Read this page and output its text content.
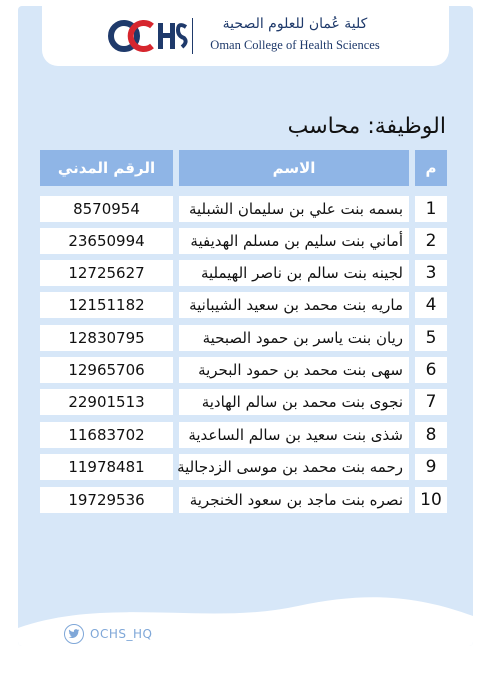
كلية عُمان للعلوم الصحية
Oman College of Health Sciences
الوظيفة: محاسب
الرقم المدني	الاسم	م
8570954	بسمه بنت علي بن سليمان الشبلية	1
23650994	أماني بنت سليم بن مسلم الهديفية	2
12725627	لجينه بنت سالم بن ناصر الهيملية	3
12151182	ماريه بنت محمد بن سعيد الشيبانية	4
12830795	ريان بنت ياسر بن حمود الصبحية	5
12965706	سهى بنت محمد بن حمود البحرية	6
22901513	نجوى بنت محمد بن سالم الهادية	7
11683702	شذى بنت سعيد بن سالم الساعدية	8
11978481	رحمه بنت محمد بن موسى الزدجالية	9
19729536	نصره بنت ماجد بن سعود الخنجرية	10
OCHS_HQ
